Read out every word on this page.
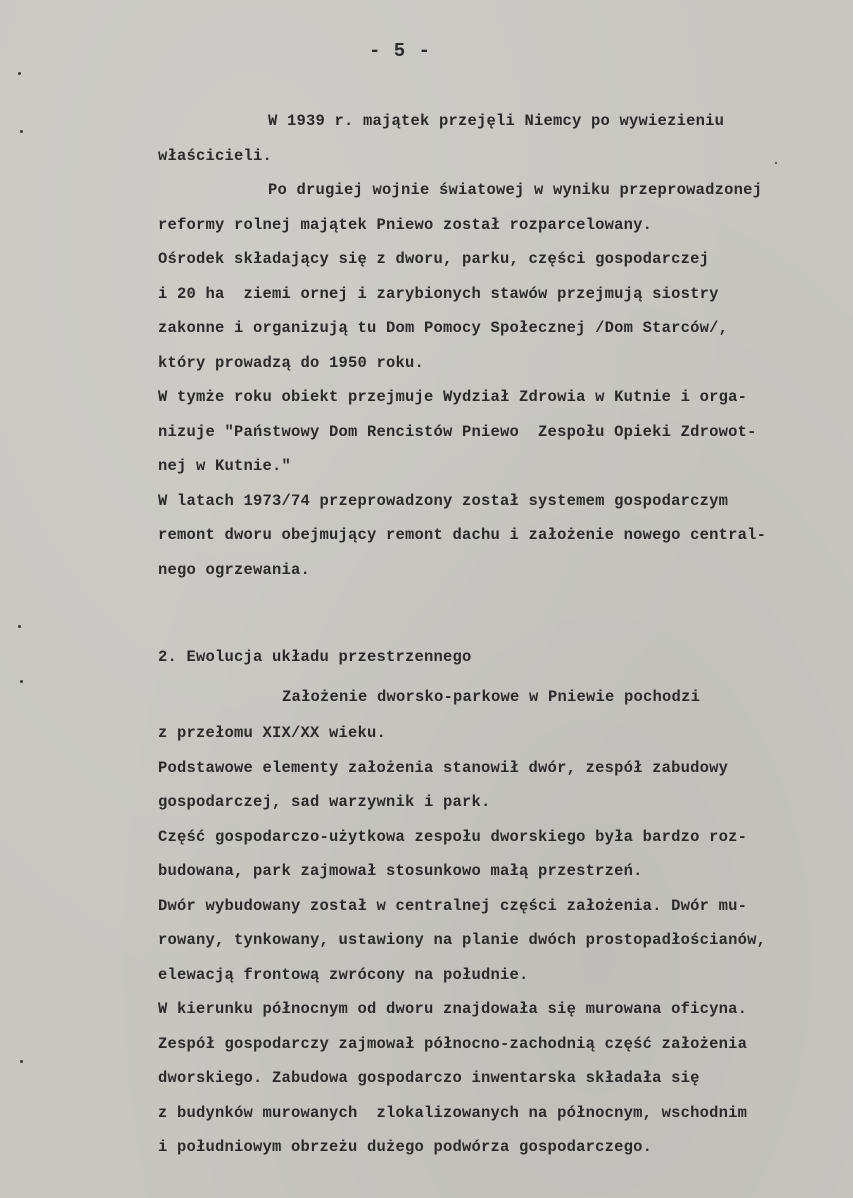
- 5 -
W 1939 r. majątek przejęli Niemcy po wywiezieniu
właścicieli.
Po drugiej wojnie światowej w wyniku przeprowadzonej
reformy rolnej majątek Pniewo został rozparcelowany.
Ośrodek składający się z dworu, parku, części gospodarczej
i 20 ha  ziemi ornej i zarybionych stawów przejmują siostry
zakonne i organizują tu Dom Pomocy Społecznej /Dom Starców/,
który prowadzą do 1950 roku.
W tymże roku obiekt przejmuje Wydział Zdrowia w Kutnie i orga-
nizuje "Państwowy Dom Rencistów Pniewo  Zespołu Opieki Zdrowot-
nej w Kutnie."
W latach 1973/74 przeprowadzony został systemem gospodarczym
remont dworu obejmujący remont dachu i założenie nowego central-
nego ogrzewania.
2. Ewolucja układu przestrzennego
Założenie dworsko-parkowe w Pniewie pochodzi
z przełomu XIX/XX wieku.
Podstawowe elementy założenia stanowił dwór, zespół zabudowy
gospodarczej, sad warzywnik i park.
Część gospodarczo-użytkowa zespołu dworskiego była bardzo roz-
budowana, park zajmował stosunkowo małą przestrzeń.
Dwór wybudowany został w centralnej części założenia. Dwór mu-
rowany, tynkowany, ustawiony na planie dwóch prostopadłościanów,
elewacją frontową zwrócony na południe.
W kierunku północnym od dworu znajdowała się murowana oficyna.
Zespół gospodarczy zajmował północno-zachodnią część założenia
dworskiego. Zabudowa gospodarczo inwentarska składała się
z budynków murowanych  zlokalizowanych na północnym, wschodnim
i południowym obrzeżu dużego podwórza gospodarczego.
